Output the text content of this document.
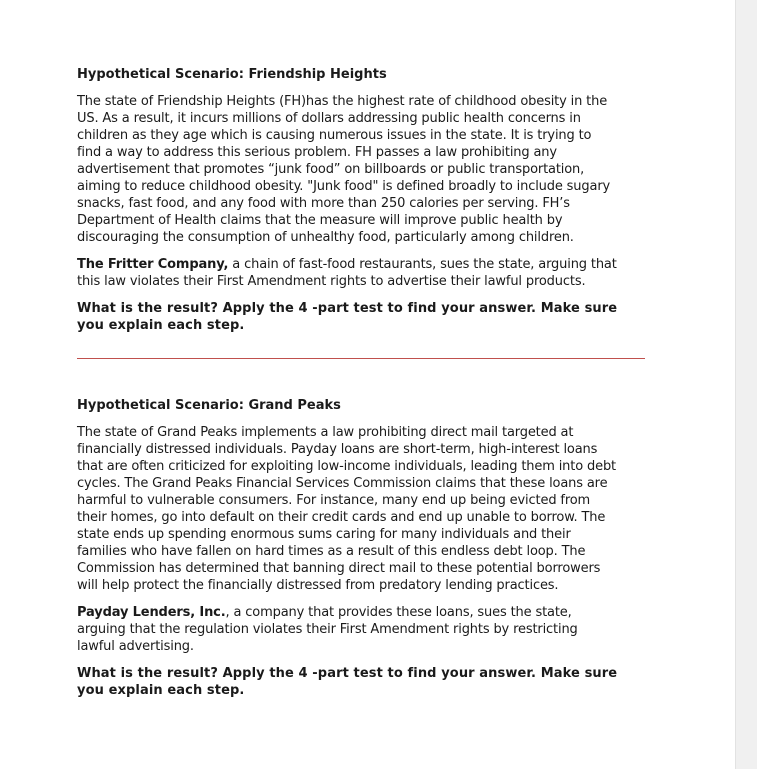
Hypothetical Scenario: Friendship Heights
The state of Friendship Heights (FH)has the highest rate of childhood obesity in the
US. As a result, it incurs millions of dollars addressing public health concerns in
children as they age which is causing numerous issues in the state. It is trying to
find a way to address this serious problem. FH passes a law prohibiting any
advertisement that promotes “junk food” on billboards or public transportation,
aiming to reduce childhood obesity. "Junk food" is defined broadly to include sugary
snacks, fast food, and any food with more than 250 calories per serving. FH’s
Department of Health claims that the measure will improve public health by
discouraging the consumption of unhealthy food, particularly among children.
The Fritter Company, a chain of fast-food restaurants, sues the state, arguing that
this law violates their First Amendment rights to advertise their lawful products.
What is the result? Apply the 4 -part test to find your answer. Make sure
you explain each step.
Hypothetical Scenario: Grand Peaks
The state of Grand Peaks implements a law prohibiting direct mail targeted at
financially distressed individuals. Payday loans are short-term, high-interest loans
that are often criticized for exploiting low-income individuals, leading them into debt
cycles. The Grand Peaks Financial Services Commission claims that these loans are
harmful to vulnerable consumers. For instance, many end up being evicted from
their homes, go into default on their credit cards and end up unable to borrow. The
state ends up spending enormous sums caring for many individuals and their
families who have fallen on hard times as a result of this endless debt loop. The
Commission has determined that banning direct mail to these potential borrowers
will help protect the financially distressed from predatory lending practices.
Payday Lenders, Inc., a company that provides these loans, sues the state,
arguing that the regulation violates their First Amendment rights by restricting
lawful advertising.
What is the result? Apply the 4 -part test to find your answer. Make sure
you explain each step.
